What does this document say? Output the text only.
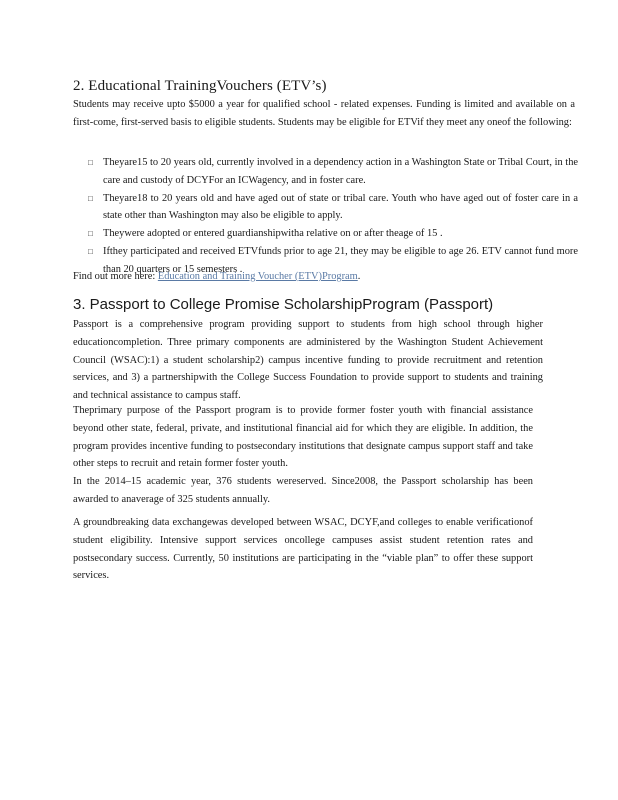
2. Educational TrainingVouchers (ETV’s)
Students may receive upto $5000 a year for qualified school - related expenses. Funding is limited and available on a first-come, first-served basis to eligible students. Students may be eligible for ETVif they meet any oneof the following:
□ Theyare15 to 20 years old, currently involved in a dependency action in a Washington State or Tribal Court, in the care and custody of DCYFor an ICWagency, and in foster care.
□ Theyare18 to 20 years old and have aged out of state or tribal care. Youth who have aged out of foster care in a state other than Washington may also be eligible to apply.
□ Theywere adopted or entered guardianshipwitha relative on or after theage of 15 .
□ Ifthey participated and received ETVfunds prior to age 21, they may be eligible to age 26. ETV cannot fund more than 20 quarters or 15 semesters .
Find out more here: Education and Training Voucher (ETV)Program.
3. Passport to College Promise ScholarshipProgram (Passport)
Passport is a comprehensive program providing support to students from high school through higher educationcompletion. Three primary components are administered by the Washington Student Achievement Council (WSAC):1) a student scholarship2) campus incentive funding to provide recruitment and retention services, and 3) a partnershipwith the College Success Foundation to provide support to students and training and technical assistance to campus staff.
Theprimary purpose of the Passport program is to provide former foster youth with financial assistance beyond other state, federal, private, and institutional financial aid for which they are eligible. In addition, the program provides incentive funding to postsecondary institutions that designate campus support staff and take other steps to recruit and retain former foster youth.
In the 2014–15 academic year, 376 students wereserved. Since2008, the Passport scholarship has been awarded to anaverage of 325 students annually.
A groundbreaking data exchangewas developed between WSAC, DCYF,and colleges to enable verificationof student eligibility. Intensive support services oncollege campuses assist student retention rates and postsecondary success. Currently, 50 institutions are participating in the “viable plan” to offer these support services.
